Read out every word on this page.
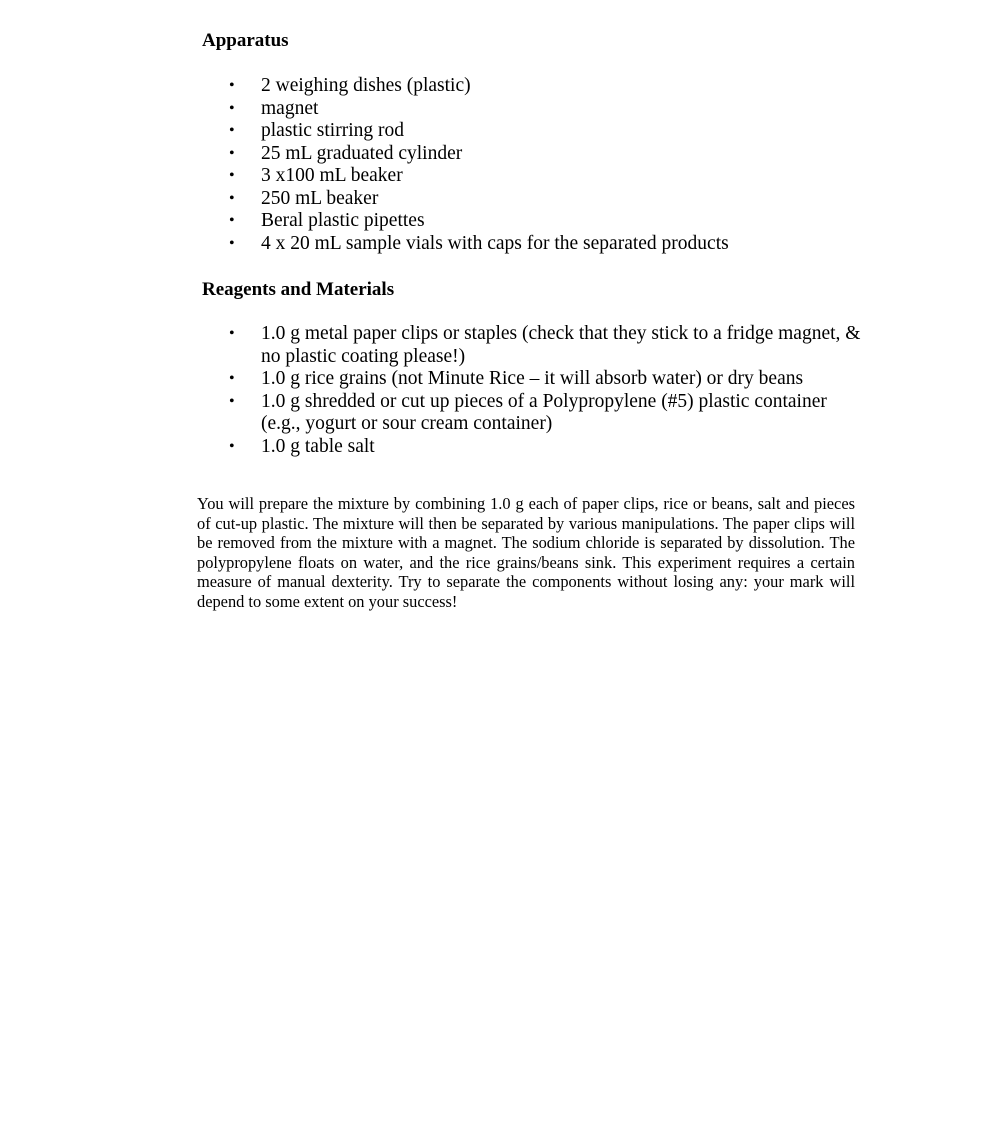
Apparatus
• 2 weighing dishes (plastic)
• magnet
• plastic stirring rod
• 25 mL graduated cylinder
• 3 x100 mL beaker
• 250 mL beaker
• Beral plastic pipettes
• 4 x 20 mL sample vials with caps for the separated products
Reagents and Materials
• 1.0 g metal paper clips or staples (check that they stick to a fridge magnet, & no plastic coating please!)
• 1.0 g rice grains (not Minute Rice – it will absorb water) or dry beans
• 1.0 g shredded or cut up pieces of a Polypropylene (#5) plastic container (e.g., yogurt or sour cream container)
• 1.0 g table salt

You will prepare the mixture by combining 1.0 g each of paper clips, rice or beans, salt and pieces of cut-up plastic. The mixture will then be separated by various manipulations. The paper clips will be removed from the mixture with a magnet. The sodium chloride is separated by dissolution. The polypropylene floats on water, and the rice grains/beans sink. This experiment requires a certain measure of manual dexterity. Try to separate the components without losing any: your mark will depend to some extent on your success!
